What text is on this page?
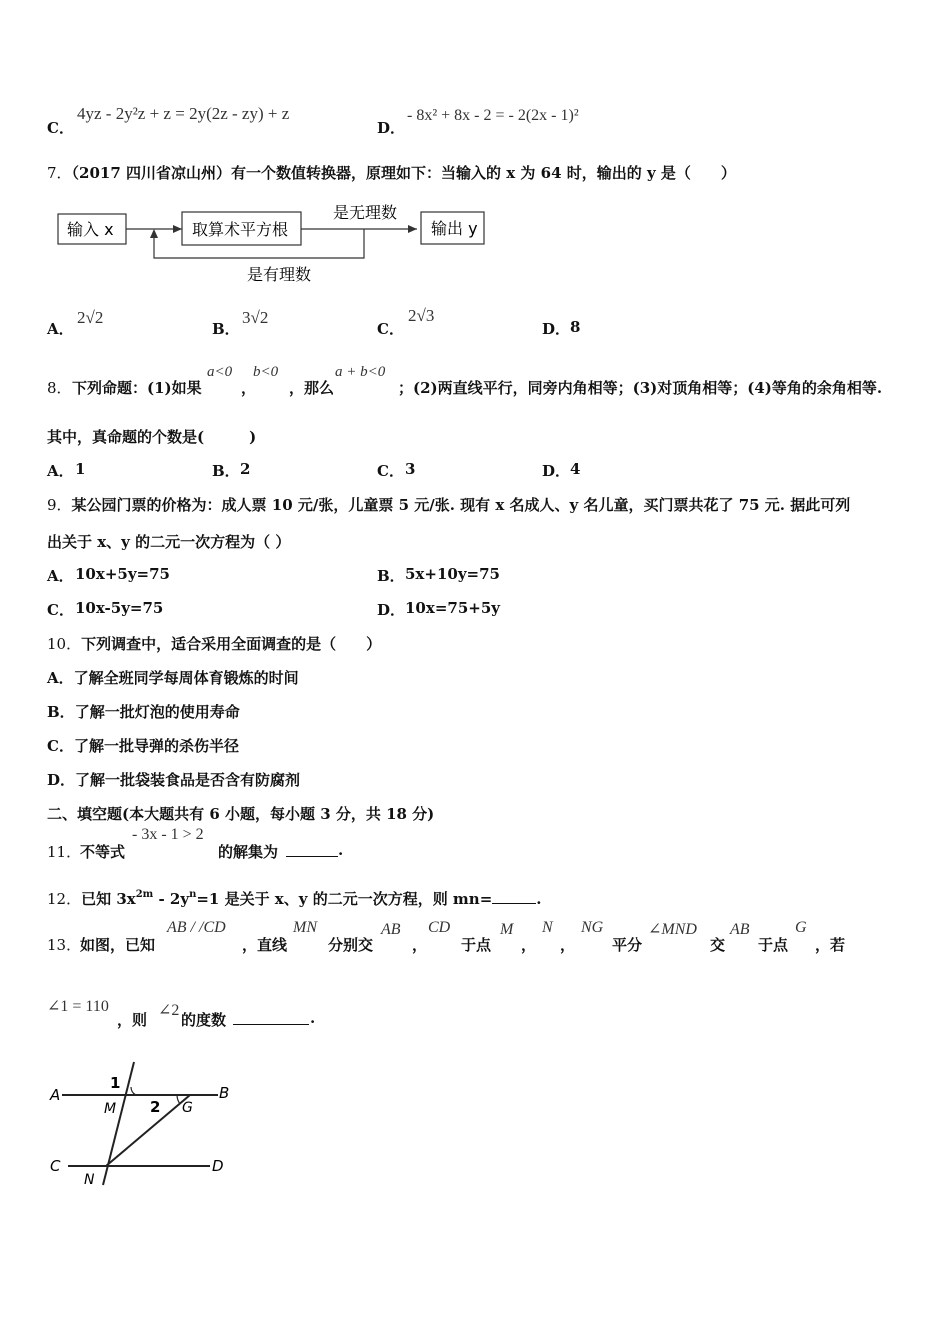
C．
4yz - 2y²z + z = 2y(2z - zy) + z
D．
- 8x² + 8x - 2 = - 2(2x - 1)²
7．（2017 四川省凉山州）有一个数值转换器，原理如下：当输入的 x 为 64 时，输出的 y 是（　　）
输入 x	取算术平方根
是无理数
输出 y
是有理数
A．
2√2
B．
3√2
C．
2√3
D． 8
8． 下列命题：(1)如果
a<0
，
b<0
，那么
a + b<0
；(2)两直线平行，同旁内角相等；(3)对顶角相等；(4)等角的余角相等.
其中，真命题的个数是(　　　)
A． 1	B． 2	C． 3	D． 4
9．某公园门票的价格为：成人票 10 元/张，儿童票 5 元/张. 现有 x 名成人、y 名儿童，买门票共花了 75 元. 据此可列
出关于 x、y 的二元一次方程为（ ）
A． 10x+5y=75	B． 5x+10y=75
C． 10x-5y=75	D． 10x=75+5y
10．下列调查中，适合采用全面调查的是（　　）
A．了解全班同学每周体育锻炼的时间
B．了解一批灯泡的使用寿命
C．了解一批导弹的杀伤半径
D．了解一批袋装食品是否含有防腐剂
二、填空题(本大题共有 6 小题，每小题 3 分，共 18 分)
11．
不等式
- 3x - 1 > 2
的解集为	.
12．已知 $3x^{2m} - 2y^n=1$ 是关于 x、y 的二元一次方程，则 mn=	.
13．
如图，已知
AB / /CD
，直线
MN
分别交
AB
，
CD
于点
M
，
N
，
NG
平分
∠MND
交
AB
于点
G
，若
∠1 = 110
，则
∠2
的度数	.
A	B
C	D
M
N
G
1
2
